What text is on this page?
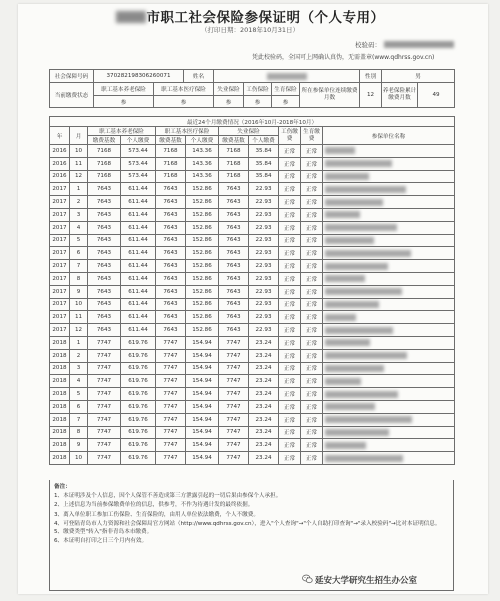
市职工社会保险参保证明（个人专用）
（打印日期：2018年10月31日）
校验码：
凭此校验码，全国可上网确认真伪，无需盖章(www.qdhrss.gov.cn)
社会保障号码	370282198306260071		姓名					性别	男	
当前缴费状态	职工基本养老保险	职工基本医疗保险		失业保险	工伤保险	生育保险	所在参保单位连续缴费月数	12	养老保险累计缴费月数	49
	参	参		参	参	参				
最近24个月缴费情况（2016年10月-2018年10月）										
年	月	职工基本养老保险		职工基本医疗保险		失业保险		工伤缴费	生育缴费	参保单位名称
		缴费基数	个人缴费	缴费基数	个人缴费	缴费基数	个人缴费			
2016	10	7168	573.44	7168	143.36	7168	35.84	正常	正常	
2016	11	7168	573.44	7168	143.36	7168	35.84	正常	正常	
2016	12	7168	573.44	7168	143.36	7168	35.84	正常	正常	
2017	1	7643	611.44	7643	152.86	7643	22.93	正常	正常	
2017	2	7643	611.44	7643	152.86	7643	22.93	正常	正常	
2017	3	7643	611.44	7643	152.86	7643	22.93	正常	正常	
2017	4	7643	611.44	7643	152.86	7643	22.93	正常	正常	
2017	5	7643	611.44	7643	152.86	7643	22.93	正常	正常	
2017	6	7643	611.44	7643	152.86	7643	22.93	正常	正常	
2017	7	7643	611.44	7643	152.86	7643	22.93	正常	正常	
2017	8	7643	611.44	7643	152.86	7643	22.93	正常	正常	
2017	9	7643	611.44	7643	152.86	7643	22.93	正常	正常	
2017	10	7643	611.44	7643	152.86	7643	22.93	正常	正常	
2017	11	7643	611.44	7643	152.86	7643	22.93	正常	正常	
2017	12	7643	611.44	7643	152.86	7643	22.93	正常	正常	
2018	1	7747	619.76	7747	154.94	7747	23.24	正常	正常	
2018	2	7747	619.76	7747	154.94	7747	23.24	正常	正常	
2018	3	7747	619.76	7747	154.94	7747	23.24	正常	正常	
2018	4	7747	619.76	7747	154.94	7747	23.24	正常	正常	
2018	5	7747	619.76	7747	154.94	7747	23.24	正常	正常	
2018	6	7747	619.76	7747	154.94	7747	23.24	正常	正常	
2018	7	7747	619.76	7747	154.94	7747	23.24	正常	正常	
2018	8	7747	619.76	7747	154.94	7747	23.24	正常	正常	
2018	9	7747	619.76	7747	154.94	7747	23.24	正常	正常	
2018	10	7747	619.76	7747	154.94	7747	23.24	正常	正常	
备注：
1、本证明涉及个人信息，因个人保管不善造成第三方泄露引起的一切后果由参保个人承担。
2、上述信息为当前参保缴费单位的信息，供参考，不作为待遇计发的最终依据。
3、离入单位职工参加工伤保险、生育保险的，由用人单位依法缴费，个人不缴费。
4、可登陆青岛市人力资源和社会保障局官方网站（http://www.qdhrss.gov.cn），进入"个人查询"→"个人自助打印查询"→"录入校验码"→比对本证明信息。
5、缴费类型"转入"指非青岛本市缴费。
6、本证明自打印之日三个月内有效。
延安大学研究生招生办公室
